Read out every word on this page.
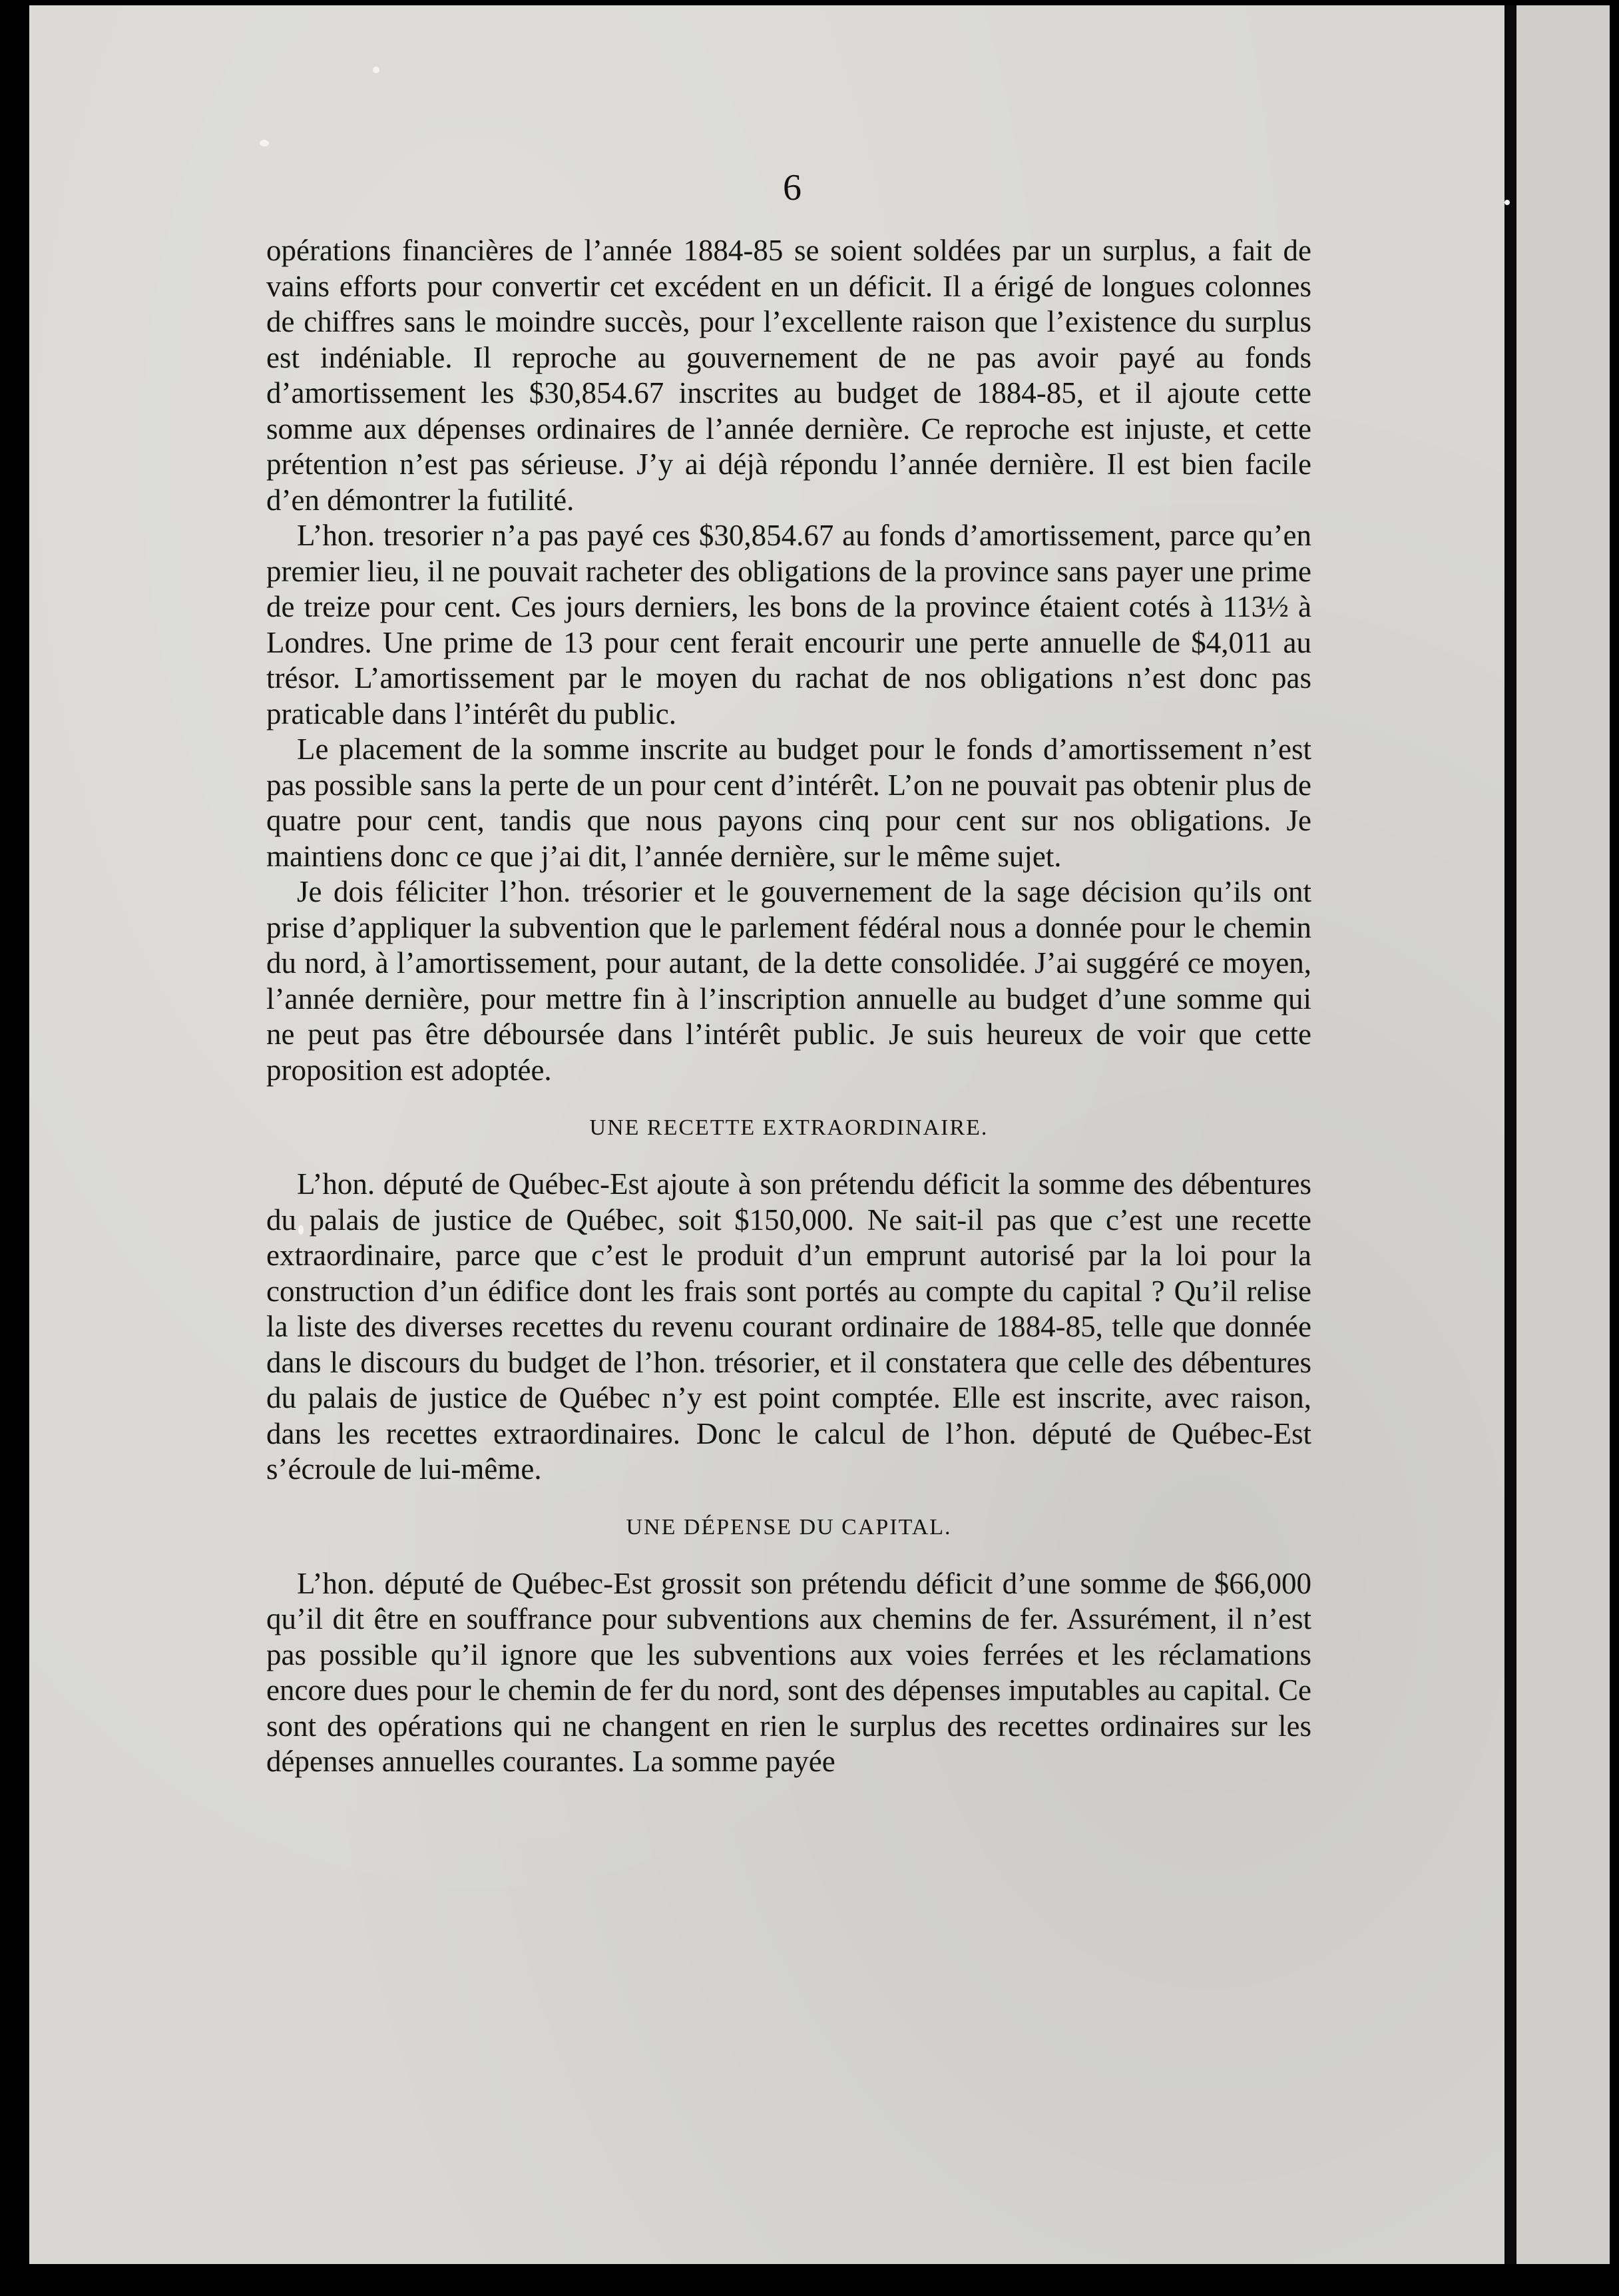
6

opérations financières de l’année 1884-85 se soient soldées par un surplus, a fait de vains efforts pour convertir cet excédent en un déficit. Il a érigé de longues colonnes de chiffres sans le moindre succès, pour l’excellente raison que l’existence du surplus est indéniable. Il reproche au gouvernement de ne pas avoir payé au fonds d’amortissement les $30,854.67 inscrites au budget de 1884-85, et il ajoute cette somme aux dépenses ordinaires de l’année dernière. Ce reproche est injuste, et cette prétention n’est pas sérieuse. J’y ai déjà répondu l’année dernière. Il est bien facile d’en démontrer la futilité.

L’hon. tresorier n’a pas payé ces $30,854.67 au fonds d’amortissement, parce qu’en premier lieu, il ne pouvait racheter des obligations de la province sans payer une prime de treize pour cent. Ces jours derniers, les bons de la province étaient cotés à 113½ à Londres. Une prime de 13 pour cent ferait encourir une perte annuelle de $4,011 au trésor. L’amortissement par le moyen du rachat de nos obligations n’est donc pas praticable dans l’intérêt du public.

Le placement de la somme inscrite au budget pour le fonds d’amortissement n’est pas possible sans la perte de un pour cent d’intérêt. L’on ne pouvait pas obtenir plus de quatre pour cent, tandis que nous payons cinq pour cent sur nos obligations. Je maintiens donc ce que j’ai dit, l’année dernière, sur le même sujet.

Je dois féliciter l’hon. trésorier et le gouvernement de la sage décision qu’ils ont prise d’appliquer la subvention que le parlement fédéral nous a donnée pour le chemin du nord, à l’amortissement, pour autant, de la dette consolidée. J’ai suggéré ce moyen, l’année dernière, pour mettre fin à l’inscription annuelle au budget d’une somme qui ne peut pas être déboursée dans l’intérêt public. Je suis heureux de voir que cette proposition est adoptée.

UNE RECETTE EXTRAORDINAIRE.

L’hon. député de Québec-Est ajoute à son prétendu déficit la somme des débentures du palais de justice de Québec, soit $150,000. Ne sait-il pas que c’est une recette extraordinaire, parce que c’est le produit d’un emprunt autorisé par la loi pour la construction d’un édifice dont les frais sont portés au compte du capital ? Qu’il relise la liste des diverses recettes du revenu courant ordinaire de 1884-85, telle que donnée dans le discours du budget de l’hon. trésorier, et il constatera que celle des débentures du palais de justice de Québec n’y est point comptée. Elle est inscrite, avec raison, dans les recettes extraordinaires. Donc le calcul de l’hon. député de Québec-Est s’écroule de lui-même.

UNE DÉPENSE DU CAPITAL.

L’hon. député de Québec-Est grossit son prétendu déficit d’une somme de $66,000 qu’il dit être en souffrance pour subventions aux chemins de fer. Assurément, il n’est pas possible qu’il ignore que les subventions aux voies ferrées et les réclamations encore dues pour le chemin de fer du nord, sont des dépenses imputables au capital. Ce sont des opérations qui ne changent en rien le surplus des recettes ordinaires sur les dépenses annuelles courantes. La somme payée
